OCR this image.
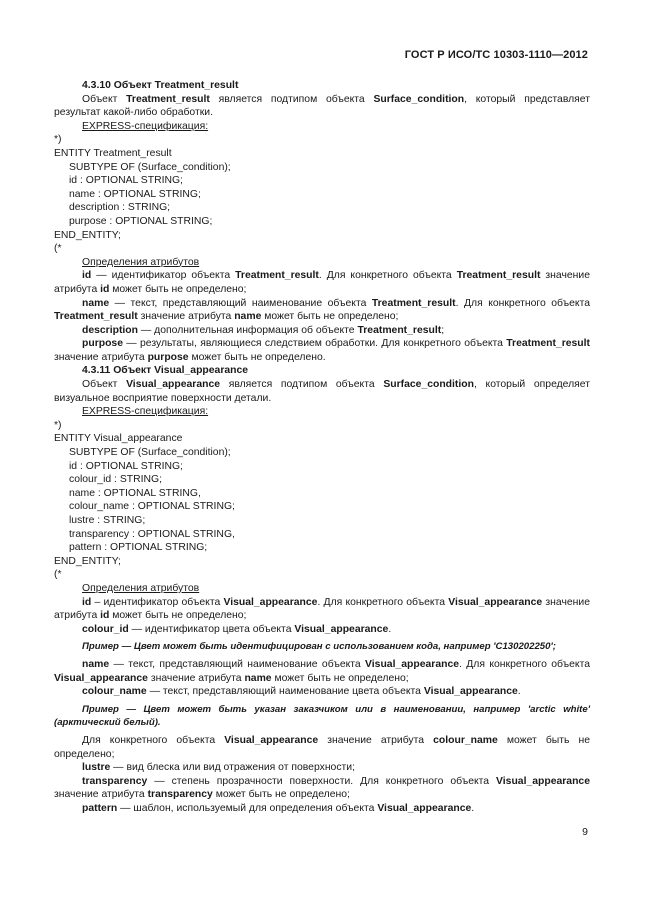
ГОСТ Р ИСО/ТС 10303-1110—2012

4.3.10 Объект Treatment_result

Объект Treatment_result является подтипом объекта Surface_condition, который представляет результат какой-либо обработки.

EXPRESS-спецификация:

*)

ENTITY Treatment_result

SUBTYPE OF (Surface_condition);

id : OPTIONAL STRING;

name : OPTIONAL STRING;

description : STRING;

purpose : OPTIONAL STRING;

END_ENTITY;

(*

Определения атрибутов

id — идентификатор объекта Treatment_result. Для конкретного объекта Treatment_result значение атрибута id может быть не определено;

name — текст, представляющий наименование объекта Treatment_result. Для конкретного объекта Treatment_result значение атрибута name может быть не определено;

description — дополнительная информация об объекте Treatment_result;

purpose — результаты, являющиеся следствием обработки. Для конкретного объекта Treatment_result значение атрибута purpose может быть не определено.

4.3.11 Объект Visual_appearance

Объект Visual_appearance является подтипом объекта Surface_condition, который определяет визуальное восприятие поверхности детали.

EXPRESS-спецификация:

*)

ENTITY Visual_appearance

SUBTYPE OF (Surface_condition);

id : OPTIONAL STRING;

colour_id : STRING;

name : OPTIONAL STRING,

colour_name : OPTIONAL STRING;

lustre : STRING;

transparency : OPTIONAL STRING,

pattern : OPTIONAL STRING;

END_ENTITY;

(*

Определения атрибутов

id – идентификатор объекта Visual_appearance. Для конкретного объекта Visual_appearance значение атрибута id может быть не определено;

colour_id — идентификатор цвета объекта Visual_appearance.

Пример — Цвет может быть идентифицирован с использованием кода, например 'C130202250';

name — текст, представляющий наименование объекта Visual_appearance. Для конкретного объекта Visual_appearance значение атрибута name может быть не определено;

colour_name — текст, представляющий наименование цвета объекта Visual_appearance.

Пример — Цвет может быть указан заказчиком или в наименовании, например 'arctic white' (арктический белый).

Для конкретного объекта Visual_appearance значение атрибута colour_name может быть не определено;

lustre — вид блеска или вид отражения от поверхности;

transparency — степень прозрачности поверхности. Для конкретного объекта Visual_appearance значение атрибута transparency может быть не определено;

pattern — шаблон, используемый для определения объекта Visual_appearance.

9
